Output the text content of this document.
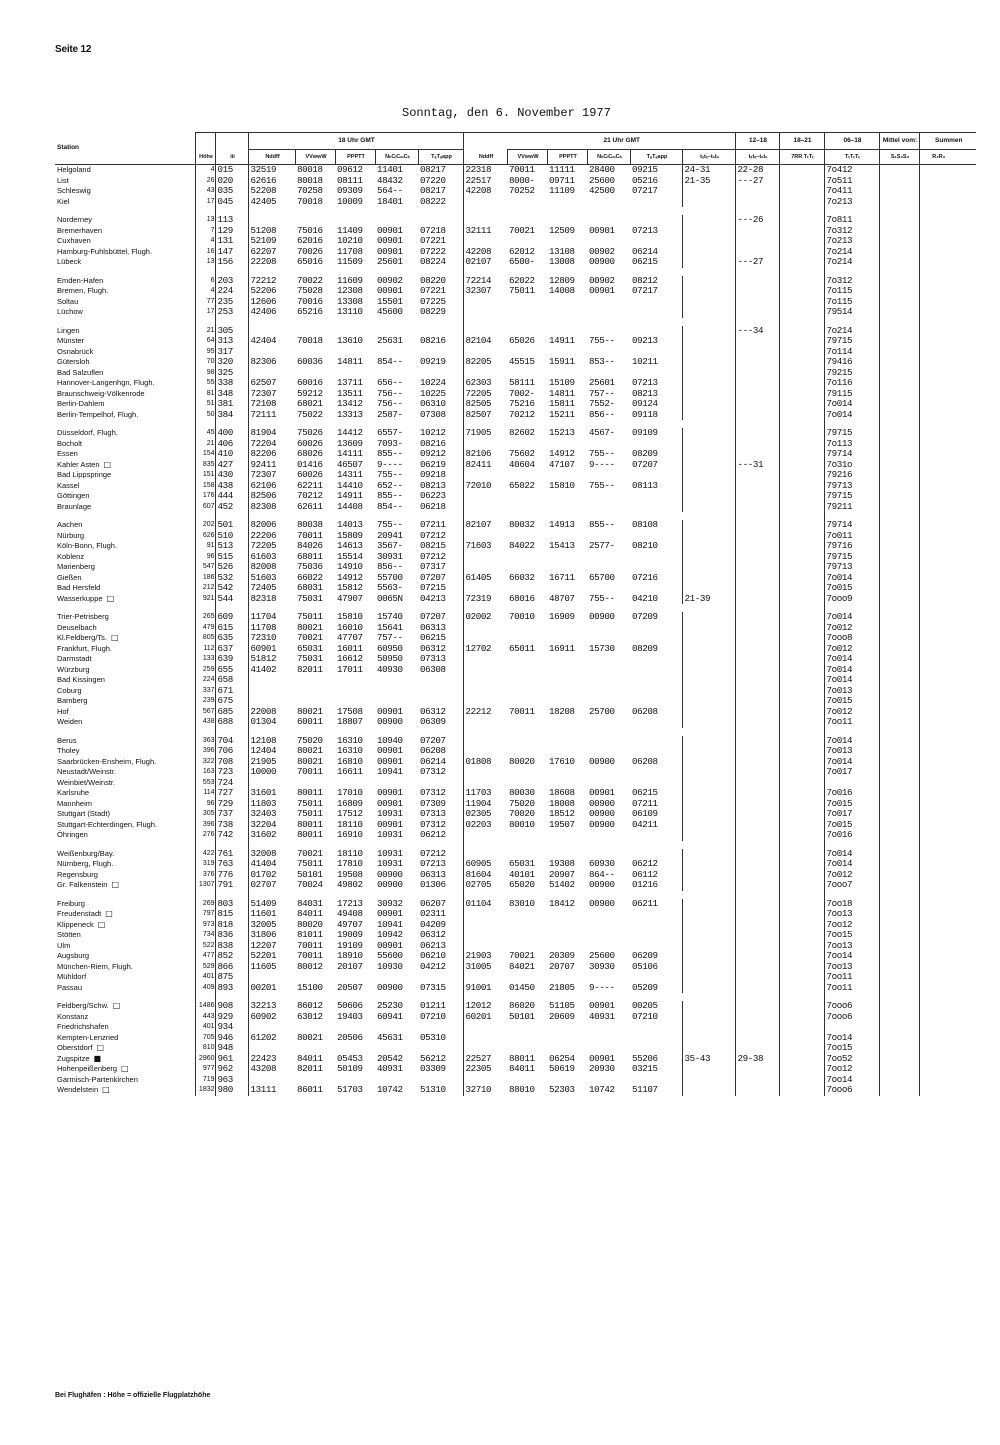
Seite 12
Sonntag, den 6. November 1977
Station			18 Uhr GMT						21 Uhr GMT					12–18	18–21	06–18	Mittel vom:	Summen	
	Höhe	iii	Nddff	VVwwW	PPPTT	NₕCₗCₘCₕ	TₐTₐapp	Nddff	VVwwW	PPPTT	NₕCₗCₘCₕ	TₐTₐapp	tₓtₓ–tₙtₙ	tₓtₓ–tₙtₙ	7RR TₜTₜ	TₜTₜTₜ	S₁S₂S₃	R₂R₃	
Helgoland	4	015	32519	80018	09612	11401	08217	22318	70011	11111	28400	09215	24-31	22-28		7o412			
List	26	020	62616	80018	08111	48432	07220	22517	8000-	09711	25600	05216	21-35	---27		7o511			
Schleswig	43	035	52208	70258	09309	564--	08217	42208	70252	11109	42500	07217				7o411			
Kiel	17	045	42405	70018	10009	18401	08222									7o213			

Norderney	13	113												---26		7o811			
Bremerhaven	7	129	51208	75016	11409	00901	07218	32111	70021	12509	00901	07213				7o312			
Cuxhaven	4	131	52109	62016	10210	00901	07221									7o213			
Hamburg-Fuhlsbüttel, Flugh.	16	147	62207	70026	11708	00901	07222	42208	62012	13108	00902	06214				7o214			
Lübeck	13	156	22208	65016	11509	25601	08224	02107	6500-	13008	00900	06215		---27		7o214			

Emden-Hafen	6	203	72212	70022	11609	00902	08220	72214	62022	12809	00902	08212				7o312			
Bremen, Flugh.	4	224	52206	75028	12308	00901	07221	32307	75011	14008	00901	07217				7o115			
Soltau	77	235	12606	70016	13308	15501	07225									7o115			
Lüchow	17	253	42406	65216	13110	45600	08229									79514			

Lingen	21	305												---34		7o214			
Münster	64	313	42404	70018	13610	25631	08216	82104	65026	14911	755--	09213				79715			
Osnabrück	95	317														7o114			
Gütersloh	70	320	82306	60036	14811	854--	09219	82205	45515	15911	853--	10211				79416			
Bad Salzuflen	98	325														79215			
Hannover-Langenhgn, Flugh.	55	338	62507	60016	13711	656--	10224	62303	58111	15109	25601	07213				7o116			
Braunschweig-Völkenrode	81	348	72307	59212	13511	756--	10225	72205	7002-	14811	757--	08213				79115			
Berlin-Dahlem	51	381	72108	68021	13412	756--	06310	82505	75216	15811	7552-	09124				7o014			
Berlin-Tempelhof, Flugh.	50	384	72111	75022	13313	2587-	07308	82507	70212	15211	856--	09118				7o014			

Düsseldorf, Flugh.	45	400	81904	75026	14412	6557-	10212	71905	82602	15213	4567-	09109				79715			
Bocholt	21	406	72204	60026	13609	7093-	08216									7o113			
Essen	154	410	82206	68026	14111	855--	09212	82106	75602	14912	755--	08209				79714			
Kahler Asten □	835	427	92411	01416	46507	9----	06219	82411	40604	47107	9----	07207		---31		7o31o			
Bad Lippspringe	151	430	72307	60026	14311	755--	09218									79216			
Kassel	158	438	62106	62211	14410	652--	08213	72010	65022	15810	755--	08113				79713			
Göttingen	176	444	82506	70212	14911	855--	06223									79715			
Braunlage	607	452	82308	62611	14408	854--	06218									79211			

Aachen	202	501	82006	80038	14013	755--	07211	82107	80032	14913	855--	08108				79714			
Nürburg	626	510	22206	70011	15809	20941	07212									7o011			
Köln-Bonn, Flugh.	91	513	72205	84026	14613	3567-	08215	71603	84022	15413	2577-	08210				79716			
Koblenz	96	515	61603	68011	15514	30931	07212									79715			
Marienberg	547	526	82008	75036	14910	856--	07317									79713			
Gießen	186	532	51603	66022	14912	55700	07207	61405	66032	16711	65700	07216				7o014			
Bad Hersfeld	212	542	72405	68031	15812	5563-	07215									7o015			
Wasserkuppe □	921	544	82318	75031	47907	0065N	04213	72319	68016	48707	755--	04210	21-39			7ooo9			

Trier-Petrisberg	265	609	11704	75011	15810	15740	07207	02002	70010	16909	00900	07209				7o014			
Deuselbach	479	615	11708	80021	16010	15641	06313									7o012			
Kl.Feldberg/Ts. □	805	635	72310	70021	47707	757--	06215									7ooo8			
Frankfurt, Flugh.	112	637	60901	65031	16011	60950	06312	12702	65011	16911	15730	08209				7o012			
Darmstadt	133	639	51812	75031	16612	50950	07313									7o014			
Würzburg	259	655	41402	82011	17011	40930	06308									7o014			
Bad Kissingen	224	658														7o014			
Coburg	337	671														7o013			
Bamberg	239	675														7o015			
Hof	567	685	22008	80021	17508	00901	06312	22212	70011	18208	25700	06208				7o012			
Weiden	438	688	01304	60011	18807	00900	06309									7oo11			

Berus	363	704	12108	75020	16310	10940	07207									7o014			
Tholey	396	706	12404	80021	16310	00901	06208									7o013			
Saarbrücken-Ensheim, Flugh.	322	708	21905	80021	16810	00901	06214	01808	80020	17610	00900	06208				7o014			
Neustadt/Weinstr.	163	723	10000	70011	16611	10941	07312									7o017			
Weinbiet/Weinstr.	553	724																	
Karlsruhe	114	727	31601	80011	17010	00901	07312	11703	80030	18608	00901	06215				7o016			
Mannheim	96	729	11803	75011	16809	00901	07309	11904	75020	18008	00900	07211				7o015			
Stuttgart (Stadt)	305	737	32403	75011	17512	10931	07313	02305	70020	18512	00900	06109				7o017			
Stuttgart-Echterdingen, Flugh.	396	738	32204	80011	18110	00901	07312	02203	80010	19507	00900	04211				7o015			
Öhringen	276	742	31602	80011	16910	10931	06212									7o016			

Weißenburg/Bay.	422	761	32008	70021	18110	10931	07212									7o014			
Nürnberg, Flugh.	319	763	41404	75011	17810	10931	07213	60905	65031	19308	60930	06212				7o014			
Regensburg	376	776	01702	50101	19508	00900	06313	81604	40101	20907	864--	06112				7o012			
Gr. Falkenstein □	1307	791	02707	70024	49802	00900	01306	02705	65020	51402	00900	01216				7ooo7			

Freiburg	269	803	51409	84031	17213	30932	06207	01104	83010	18412	00900	06211				7oo18			
Freudenstadt □	797	815	11601	84011	49408	00901	02311									7oo13			
Klippeneck □	973	818	32005	80020	49707	10941	04209									7oo12			
Stötten	734	836	31806	81011	19009	10942	06312									7oo15			
Ulm	522	838	12207	70011	19109	00901	06213									7oo13			
Augsburg	477	852	52201	70011	18910	55600	06210	21903	70021	20309	25600	06209				7oo14			
München-Riem, Flugh.	529	866	11605	80012	20107	10930	04212	31005	84021	20707	30930	05106				7oo13			
Mühldorf	401	875														7oo11			
Passau	409	893	00201	15100	20507	00900	07315	91001	01450	21805	9----	05209				7oo11			

Feldberg/Schw. □	1486	908	32213	86012	50606	25230	01211	12012	86020	51105	00901	00205				7ooo6			
Konstanz	443	929	60902	63012	19403	60941	07210	60201	50101	20609	40931	07210				7ooo6			
Friedrichshafen	401	934																	
Kempten-Lenzried	705	946	61202	80021	20506	45631	05310									7oo14			
Oberstdorf □	810	948														7oo15			
Zugspitze ■	2960	961	22423	84011	05453	20542	56212	22527	88011	06254	00901	55206	35-43	29-38		7oo52			
Hohenpeißenberg □	977	962	43208	82011	50109	40931	03309	22305	84011	50619	20930	03215				7oo12			
Garmisch-Partenkirchen	719	963														7oo14			
Wendelstein □	1832	980	13111	86011	51703	10742	51310	32710	88010	52303	10742	51107				7ooo6			
Bei Flughäfen : Höhe = offizielle Flugplatzhöhe
